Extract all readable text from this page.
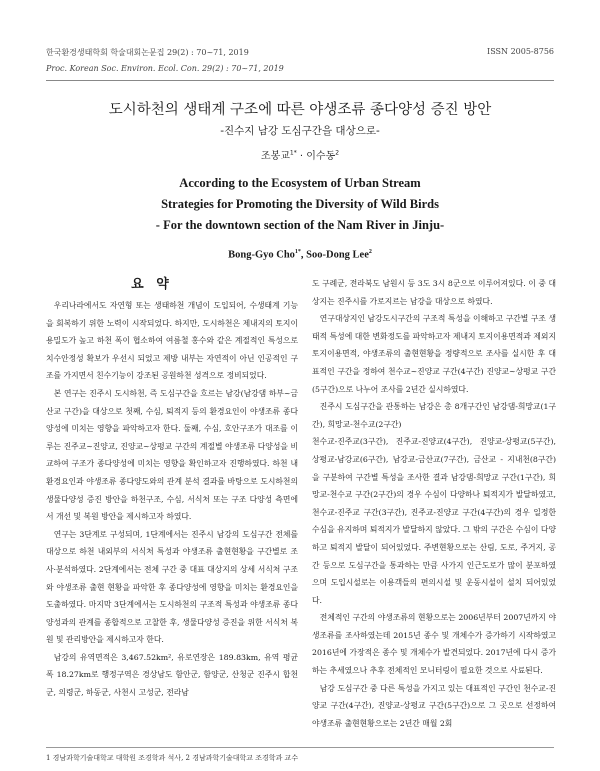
한국환경생태학회 학술대회논문집 29(2) : 70~71, 2019	ISSN 2005-8756
Proc. Korean Soc. Environ. Ecol. Con. 29(2) : 70~71, 2019
도시하천의 생태계 구조에 따른 야생조류 종다양성 증진 방안
-진수지 남강 도심구간을 대상으로-
조봉교$^{1*}$ · 이수동$^2$
According to the Ecosystem of Urban Stream
Strategies for Promoting the Diversity of Wild Birds
- For the downtown section of the Nam River in Jinju-
Bong-Gyo Cho$^{1*}$, Soo-Dong Lee$^2$
요 약

우리나라에서도 자연형 또는 생태하천 개념이 도입되어, 수생태계 기능을 회복하기 위한 노력이 시작되었다. 하지만, 도시하천은 제내지의 토지이용밀도가 높고 하천 폭이 협소하여 여름철 홍수와 같은 계절적인 특성으로 치수안정성 확보가 우선시 되었고 제방 내부는 자연적이 아닌 인공적인 구조를 가지면서 친수기능이 강조된 공원하천 성격으로 정비되었다.

본 연구는 진주시 도시하천, 즉 도심구간을 흐르는 남강(남강댐 하부~금산교 구간)을 대상으로 첫째, 수심, 퇴적지 등의 환경요인이 야생조류 종다양성에 미치는 영향을 파악하고자 한다. 둘째, 수심, 호안구조가 대조를 이루는 진주교~진양교, 진양교~상평교 구간의 계절별 야생조류 다양성을 비교하여 구조가 종다양성에 미치는 영향을 확인하고자 진행하였다. 하천 내 환경요인과 야생조류 종다양도와의 관계 분석 결과를 바탕으로 도시하천의 생물다양성 증진 방안을 하천구조, 수심, 서식처 또는 구조 다양성 측면에서 개선 및 복원 방안을 제시하고자 하였다.

연구는 3단계로 구성되며, 1단계에서는 진주시 남강의 도심구간 전체를 대상으로 하천 내외부의 서식처 특성과 야생조류 출현현황을 구간별로 조사·분석하였다. 2단계에서는 전체 구간 중 대표 대상지의 상세 서식처 구조와 야생조류 출현 현황을 파악한 후 종다양성에 영향을 미치는 환경요인을 도출하였다. 마지막 3단계에서는 도시하천의 구조적 특성과 야생조류 종다양성과의 관계를 종합적으로 고찰한 후, 생물다양성 증진을 위한 서식처 복원 및 관리방안을 제시하고자 한다.

남강의 유역면적은 3,467.52km², 유로연장은 189.83km, 유역 평균폭 18.27km로 행정구역은 경상남도 함안군, 함양군, 산청군 진주시 합천군, 의령군, 하동군, 사천시 고성군, 전라남

도 구례군, 전라북도 남원시 등 3도 3시 8군으로 이루어져있다. 이 중 대상지는 진주시를 가로지르는 남강을 대상으로 하였다.

연구대상지인 남강도시구간의 구조적 특성을 이해하고 구간별 구조 생태적 특성에 대한 변화정도를 파악하고자 제내지 토지이용면적과 제외지 토지이용면적, 야생조류의 출현현황을 정량적으로 조사를 실시한 후 대표적인 구간을 정하여 천수교~진양교 구간(4구간) 진양교~상평교 구간(5구간)으로 나누어 조사를 2년간 실시하였다.

진주시 도심구간을 관통하는 남강은 총 8개구간인 남강댐-희망교(1구간), 희망교-천수교(2구간)

천수교-진주교(3구간), 진주교-진양교(4구간), 진양교-상평교(5구간), 상평교-남강교(6구간), 남강교-금산교(7구간), 금산교 - 지내천(8구간)을 구분하여 구간별 특성을 조사한 결과 남강댐-희망교 구간(1구간), 희망교-천수교 구간(2구간)의 경우 수심이 다양하나 퇴적지가 발달하였고, 천수교-진주교 구간(3구간), 진주교-진양교 구간(4구간)의 경우 일정한 수심을 유지하며 퇴적지가 발달하지 않았다. 그 밖의 구간은 수심이 다양하고 퇴적지 발달이 되어있었다. 주변현황으로는 산림, 도로, 주거지, 공간 등으로 도심구간을 통과하는 만큼 사가지 인근도로가 많이 분포하였으며 도입시설로는 이용객들의 편의시설 및 운동시설이 설치 되어있었다.

전체적인 구간의 야생조류의 현황으로는 2006년부터 2007년까지 야생조류를 조사하였는데 2015년 종수 및 개체수가 증가하기 시작하였고 2016년에 가장적은 종수 및 개체수가 발견되었다. 2017년에 다시 증가하는 추세였으나 추후 전체적인 모니터링이 필요한 것으로 사료된다.

남강 도심구간 중 다른 특성을 가지고 있는 대표적인 구간인 천수교-진양교 구간(4구간), 진양교-상평교 구간(5구간)으로 그 곳으로 선정하여 야생조류 출현현황으로는 2년간 매월 2회

1 경남과학기술대학교 대학원 조경학과 석사, 2 경남과학기술대학교 조경학과 교수
